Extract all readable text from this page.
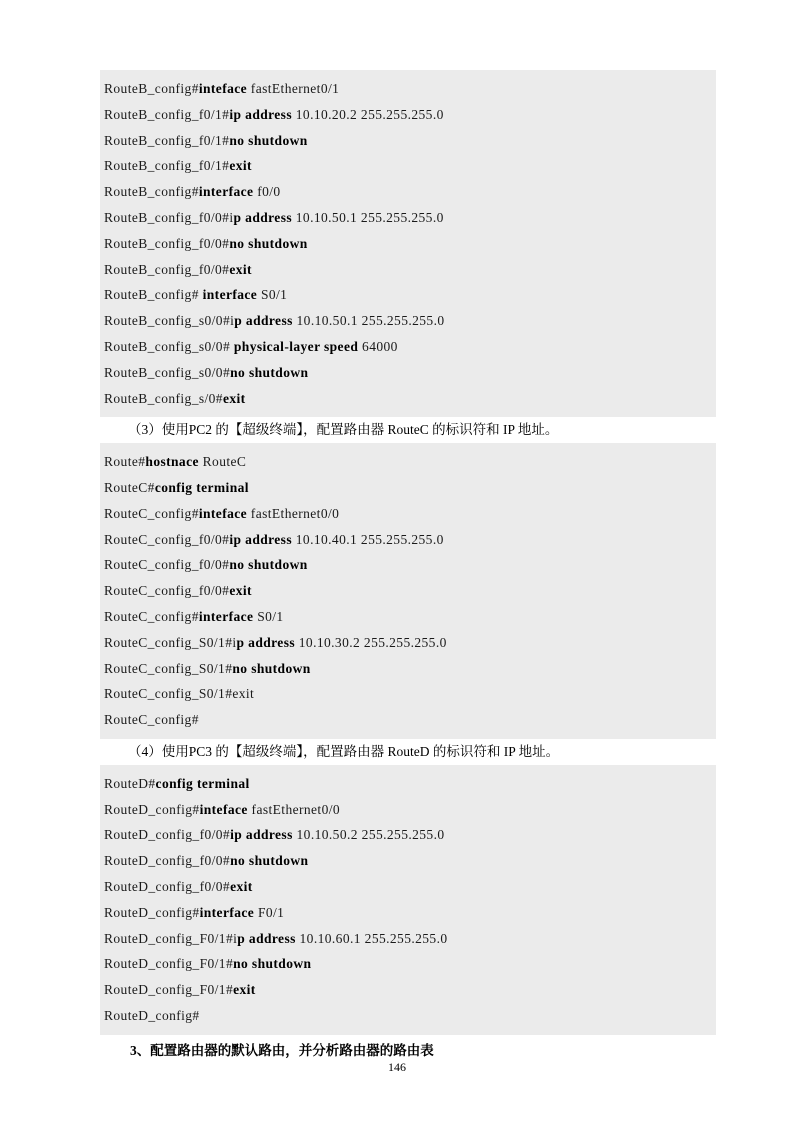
RouteB_config#inteface fastEthernet0/1
RouteB_config_f0/1#ip address 10.10.20.2 255.255.255.0
RouteB_config_f0/1#no shutdown
RouteB_config_f0/1#exit
RouteB_config#interface f0/0
RouteB_config_f0/0#ip address 10.10.50.1 255.255.255.0
RouteB_config_f0/0#no shutdown
RouteB_config_f0/0#exit
RouteB_config# interface S0/1
RouteB_config_s0/0#ip address 10.10.50.1 255.255.255.0
RouteB_config_s0/0# physical-layer speed 64000
RouteB_config_s0/0#no shutdown
RouteB_config_s/0#exit

（3）使用PC2 的【超级终端】，配置路由器 RouteC 的标识符和 IP 地址。

Route#hostnace RouteC
RouteC#config terminal
RouteC_config#inteface fastEthernet0/0
RouteC_config_f0/0#ip address 10.10.40.1 255.255.255.0
RouteC_config_f0/0#no shutdown
RouteC_config_f0/0#exit
RouteC_config#interface S0/1
RouteC_config_S0/1#ip address 10.10.30.2 255.255.255.0
RouteC_config_S0/1#no shutdown
RouteC_config_S0/1#exit
RouteC_config#

（4）使用PC3 的【超级终端】，配置路由器 RouteD 的标识符和 IP 地址。

RouteD#config terminal
RouteD_config#inteface fastEthernet0/0
RouteD_config_f0/0#ip address 10.10.50.2 255.255.255.0
RouteD_config_f0/0#no shutdown
RouteD_config_f0/0#exit
RouteD_config#interface F0/1
RouteD_config_F0/1#ip address 10.10.60.1 255.255.255.0
RouteD_config_F0/1#no shutdown
RouteD_config_F0/1#exit
RouteD_config#

3、配置路由器的默认路由，并分析路由器的路由表

146
